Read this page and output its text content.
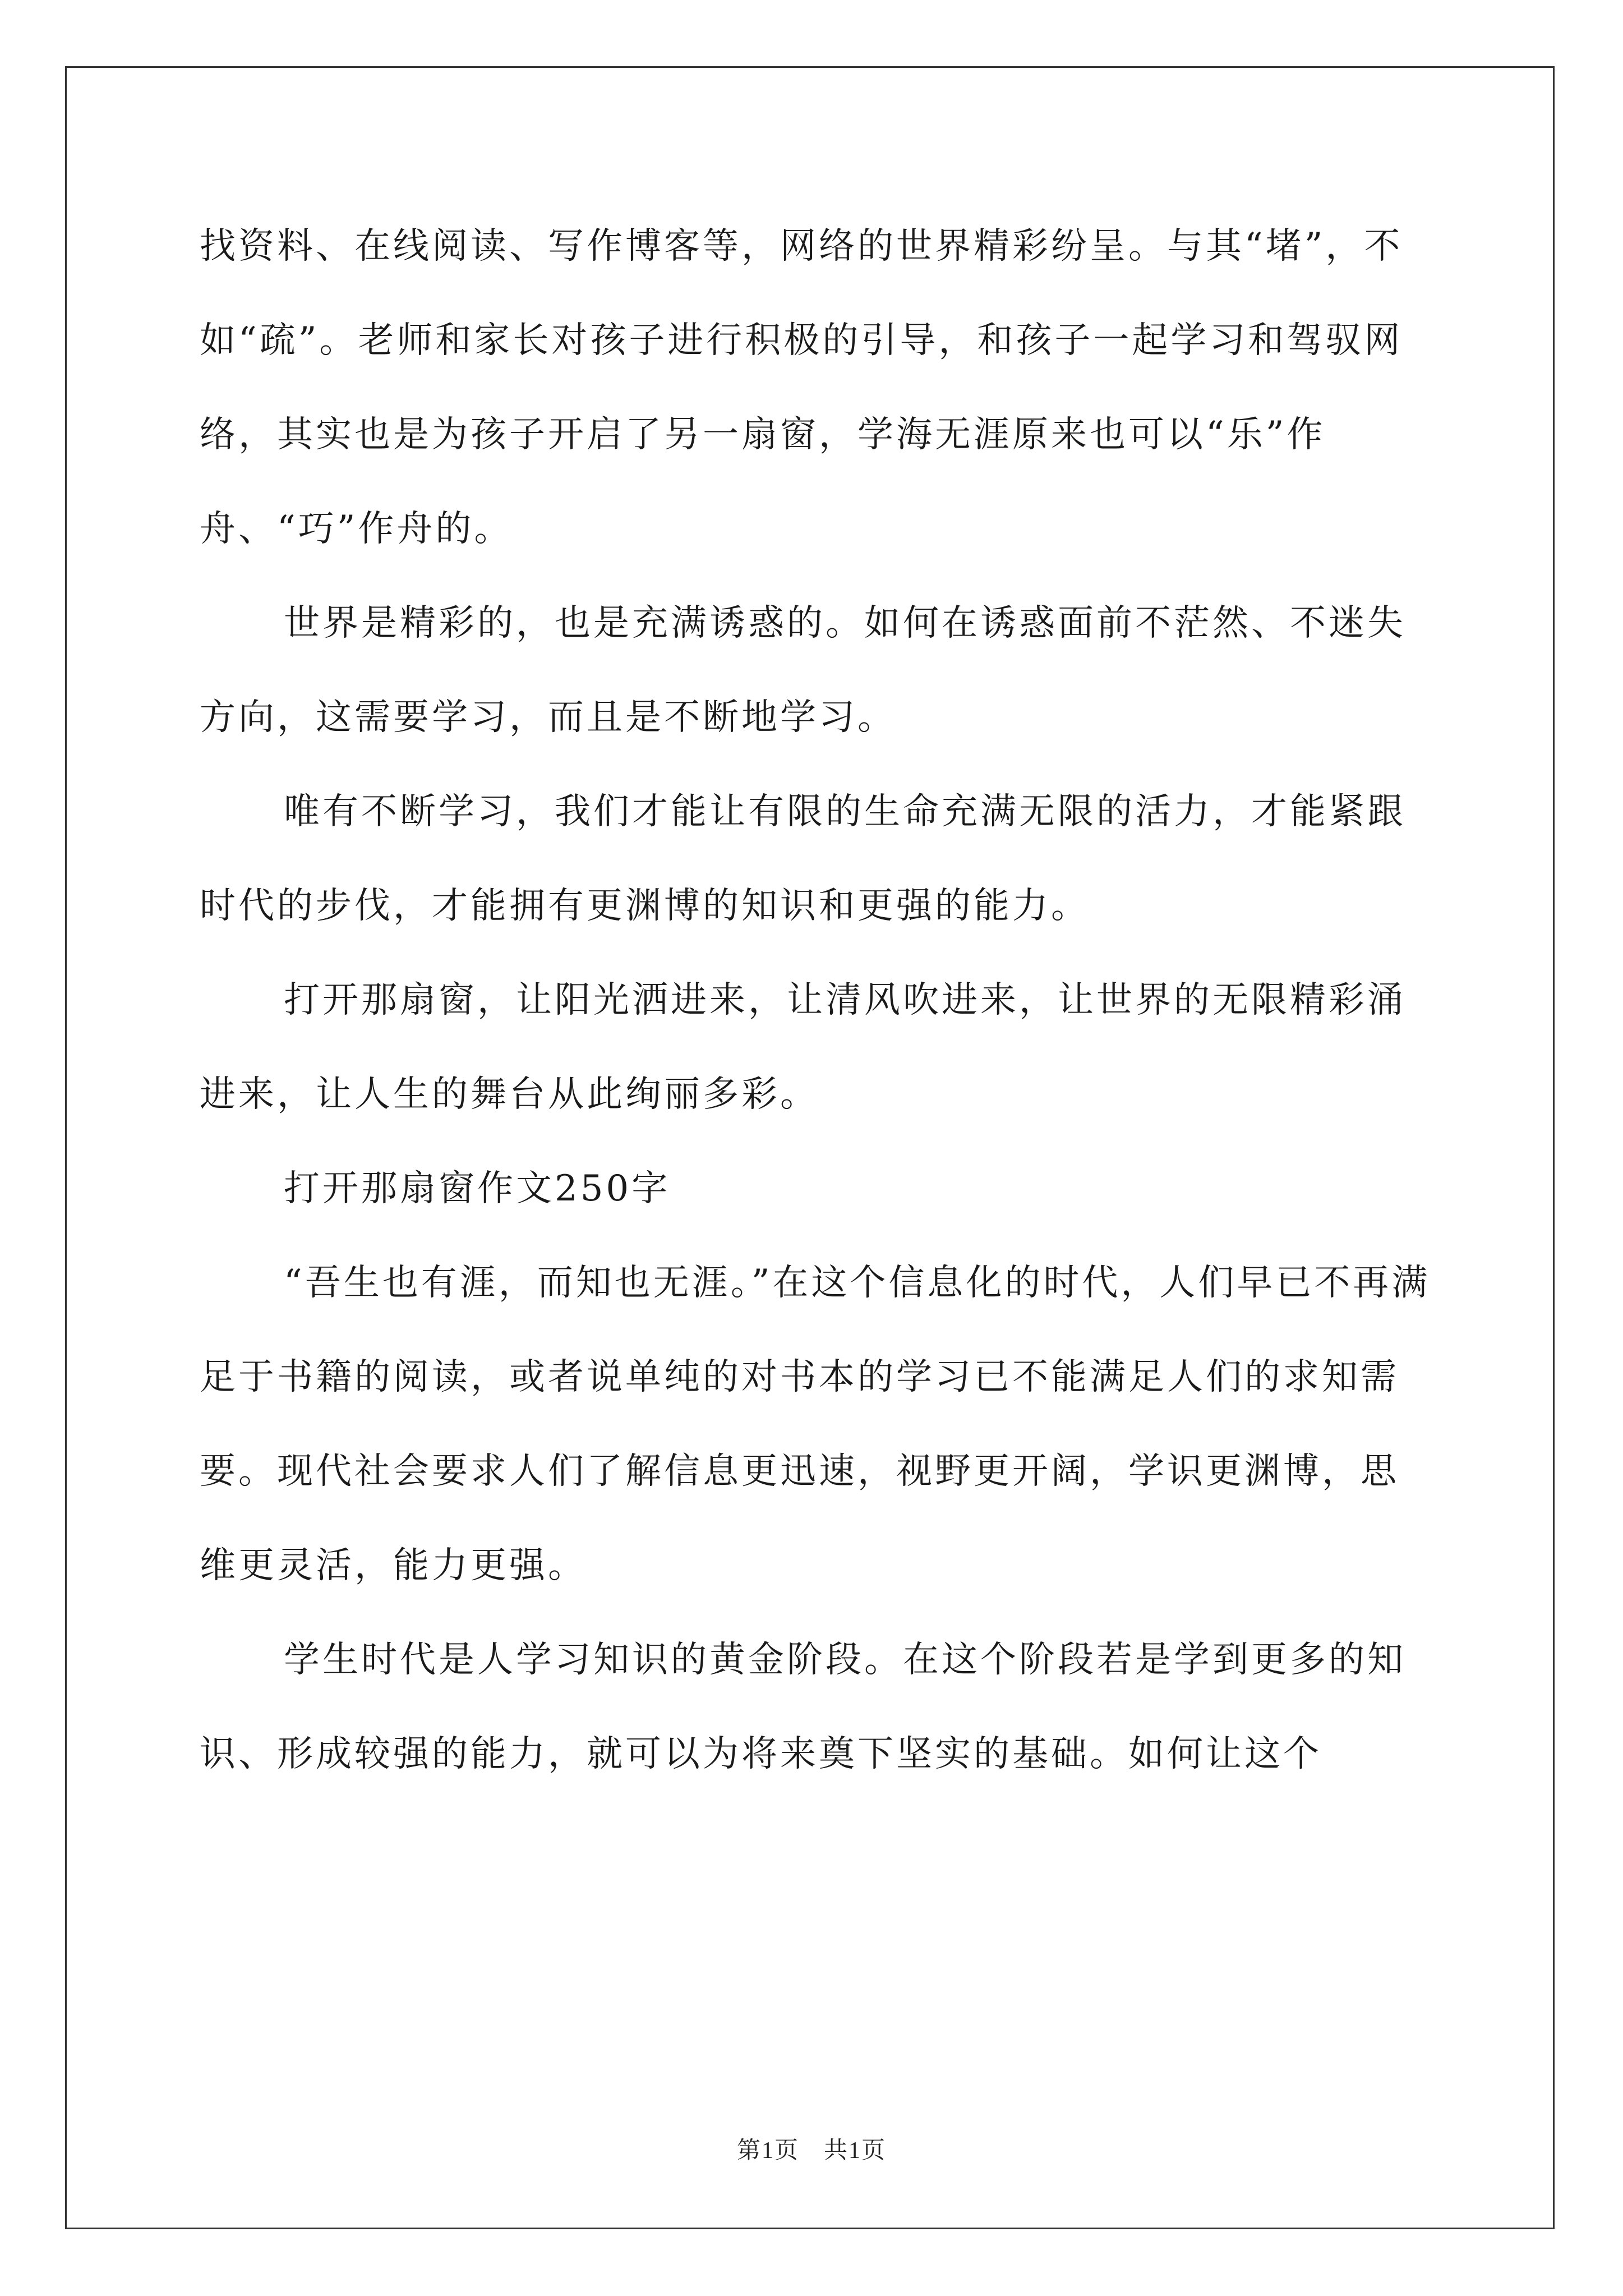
找资料、在线阅读、写作博客等，网络的世界精彩纷呈。与其“堵”，不如“疏”。老师和家长对孩子进行积极的引导，和孩子一起学习和驾驭网络，其实也是为孩子开启了另一扇窗，学海无涯原来也可以“乐”作舟、“巧”作舟的。

世界是精彩的，也是充满诱惑的。如何在诱惑面前不茫然、不迷失方向，这需要学习，而且是不断地学习。

唯有不断学习，我们才能让有限的生命充满无限的活力，才能紧跟时代的步伐，才能拥有更渊博的知识和更强的能力。

打开那扇窗，让阳光洒进来，让清风吹进来，让世界的无限精彩涌进来，让人生的舞台从此绚丽多彩。

打开那扇窗作文250字

“吾生也有涯，而知也无涯。”在这个信息化的时代，人们早已不再满足于书籍的阅读，或者说单纯的对书本的学习已不能满足人们的求知需要。现代社会要求人们了解信息更迅速，视野更开阔，学识更渊博，思维更灵活，能力更强。

学生时代是人学习知识的黄金阶段。在这个阶段若是学到更多的知识、形成较强的能力，就可以为将来奠下坚实的基础。如何让这个

第1页　共1页
